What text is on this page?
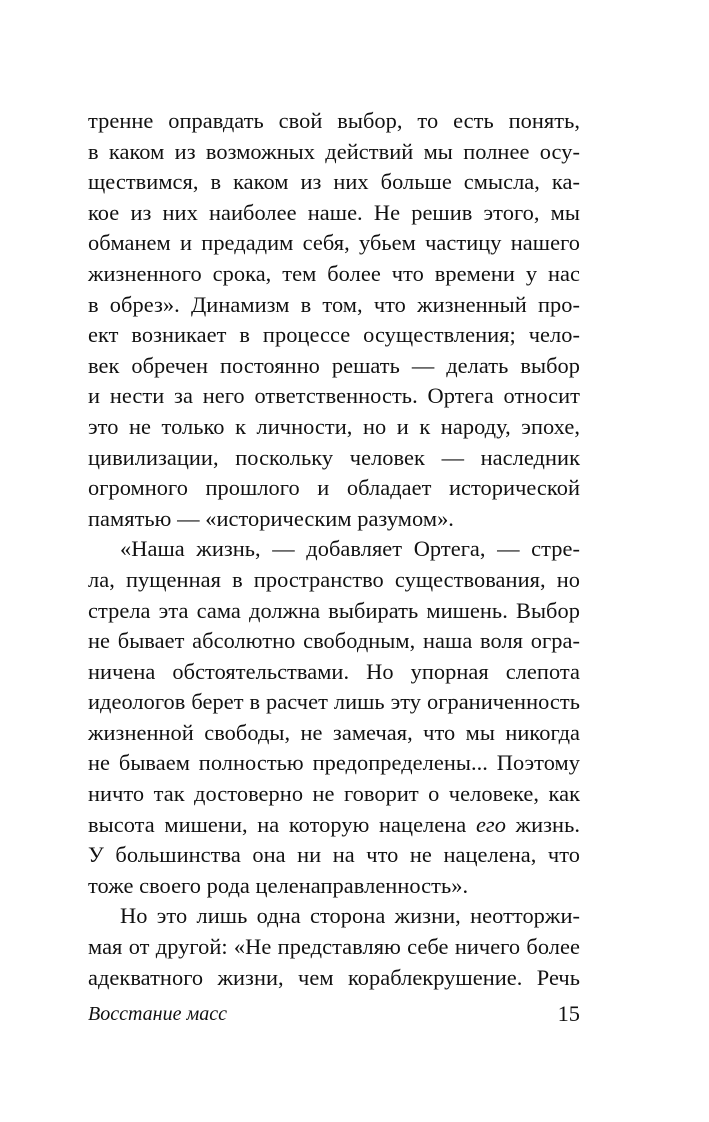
тренне оправдать свой выбор, то есть понять,
в каком из возможных действий мы полнее осу-
ществимся, в каком из них больше смысла, ка-
кое из них наиболее наше. Не решив этого, мы
обманем и предадим себя, убьем частицу нашего
жизненного срока, тем более что времени у нас
в обрез». Динамизм в том, что жизненный про-
ект возникает в процессе осуществления; чело-
век обречен постоянно решать — делать выбор
и нести за него ответственность. Ортега относит
это не только к личности, но и к народу, эпохе,
цивилизации, поскольку человек — наследник
огромного прошлого и обладает исторической
памятью — «историческим разумом».
«Наша жизнь, — добавляет Ортега, — стре-
ла, пущенная в пространство существования, но
стрела эта сама должна выбирать мишень. Выбор
не бывает абсолютно свободным, наша воля огра-
ничена обстоятельствами. Но упорная слепота
идеологов берет в расчет лишь эту ограниченность
жизненной свободы, не замечая, что мы никогда
не бываем полностью предопределены... Поэтому
ничто так достоверно не говорит о человеке, как
высота мишени, на которую нацелена его жизнь.
У большинства она ни на что не нацелена, что
тоже своего рода целенаправленность».
Но это лишь одна сторона жизни, неотторжи-
мая от другой: «Не представляю себе ничего более
адекватного жизни, чем кораблекрушение. Речь
Восстание масс	15
